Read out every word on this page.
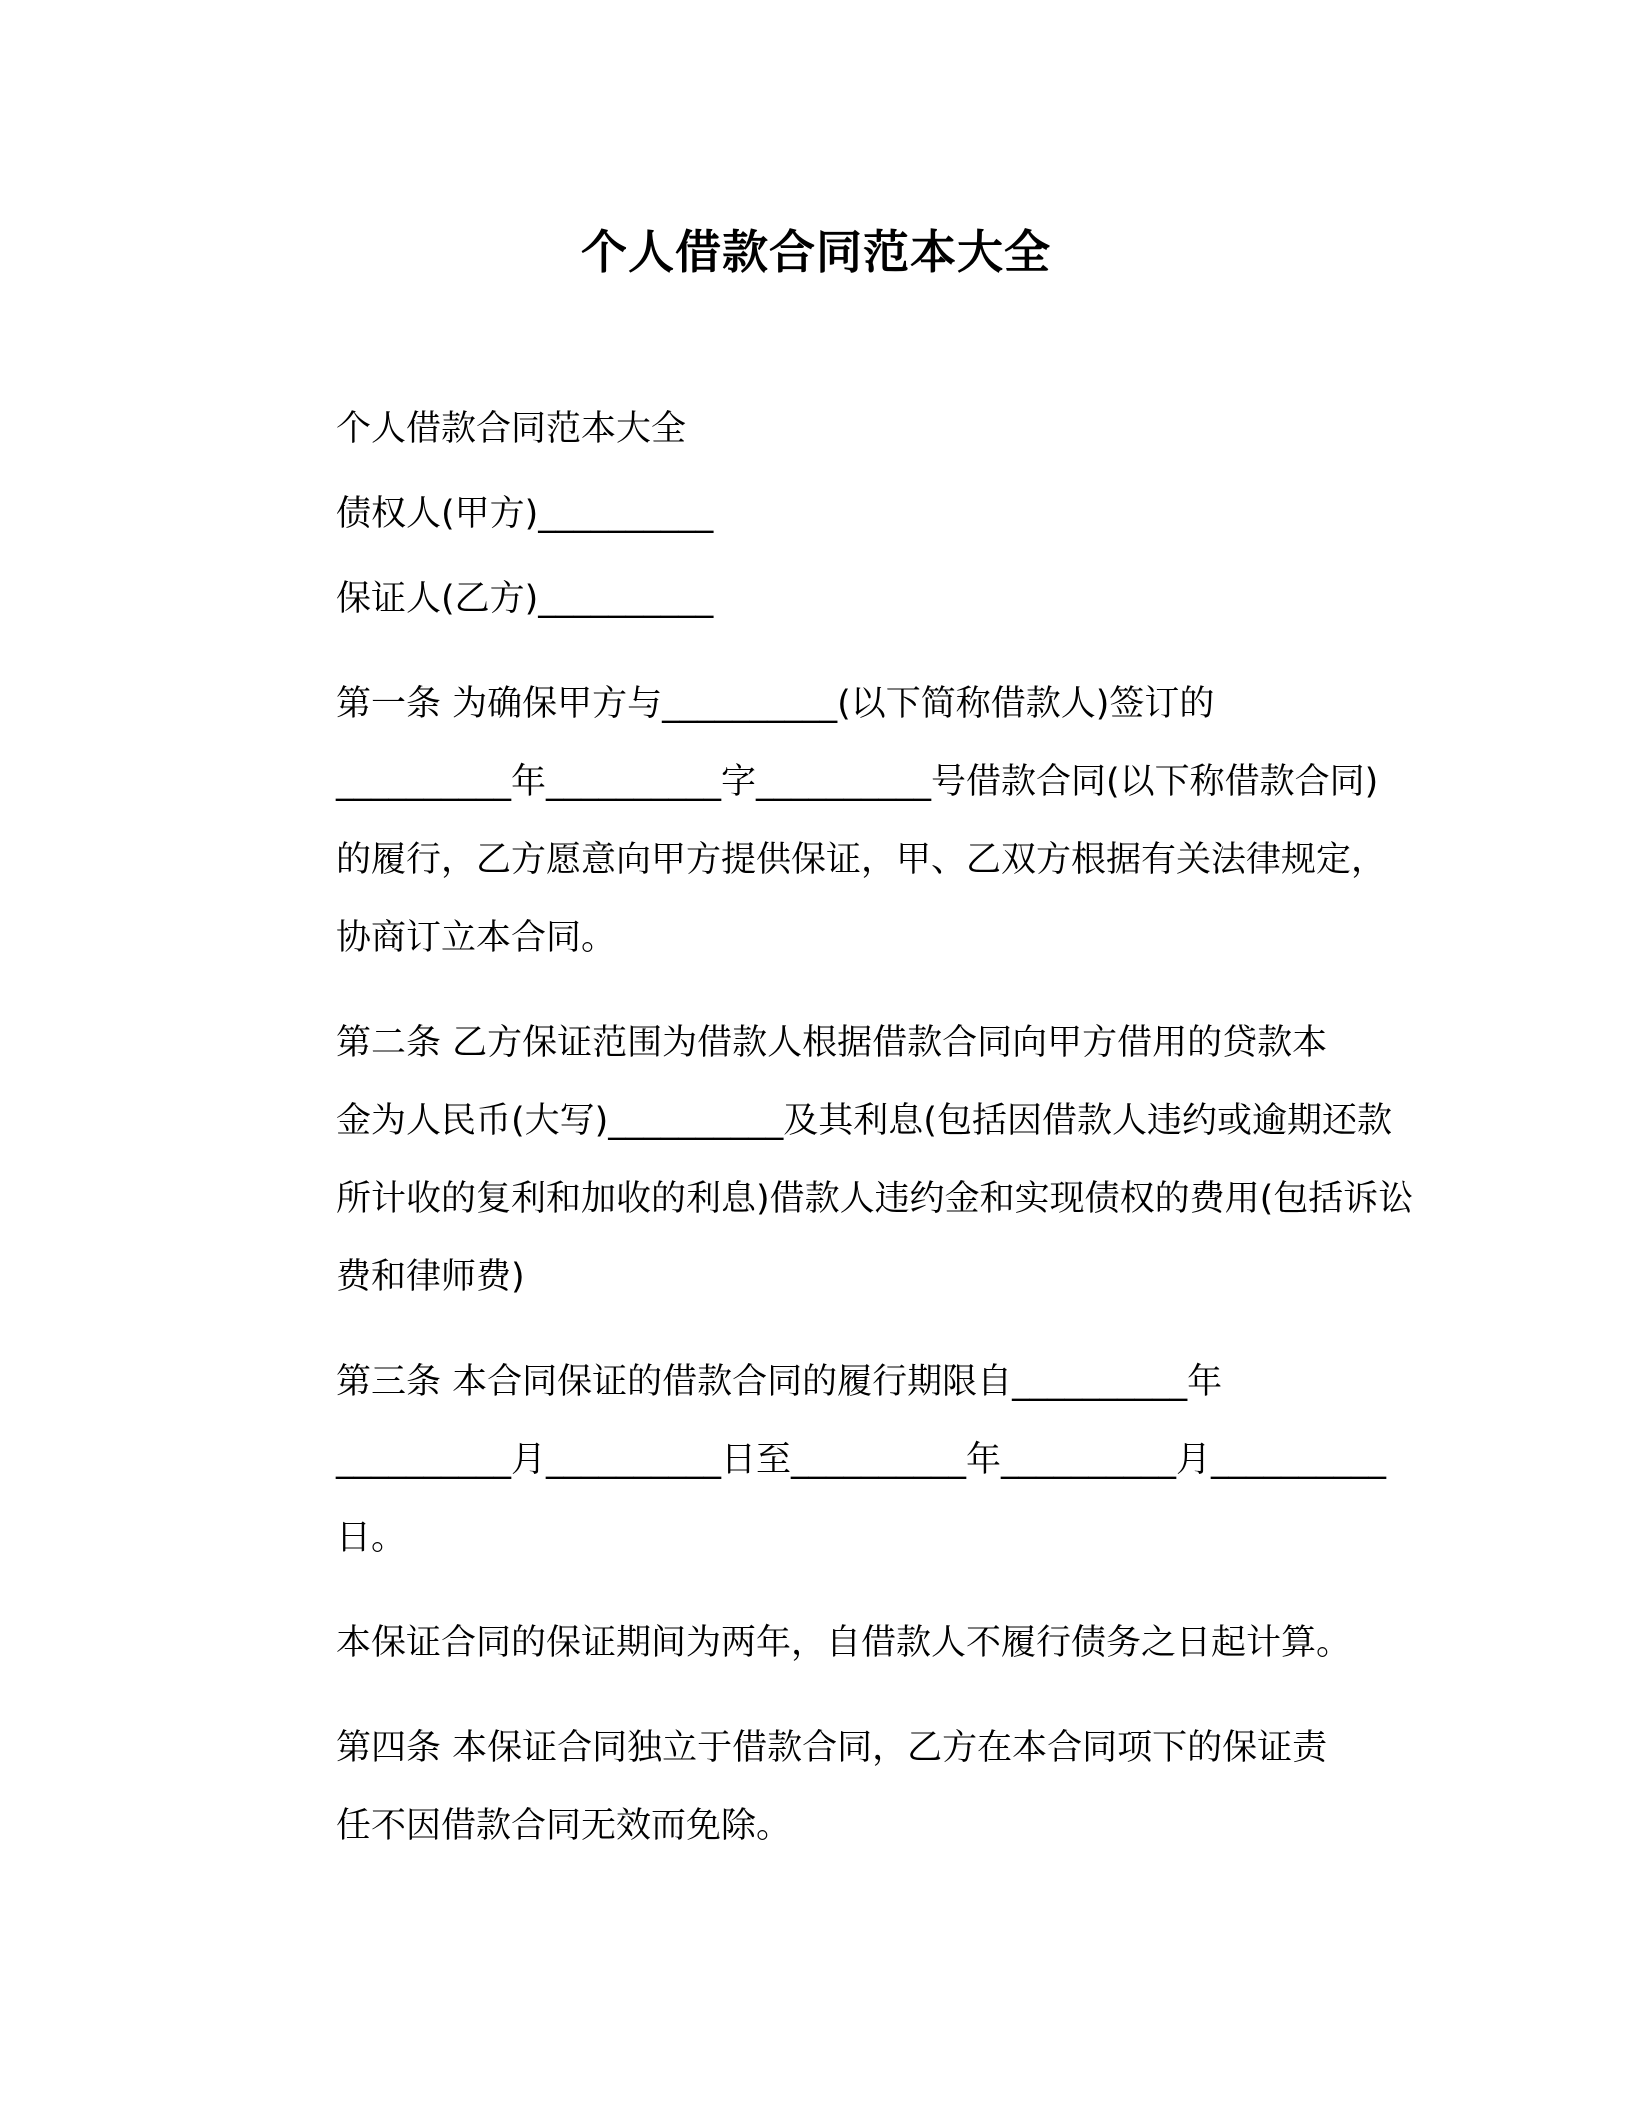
个人借款合同范本大全
个人借款合同范本大全
债权人(甲方)__________
保证人(乙方)__________
第一条 为确保甲方与__________(以下简称借款人)签订的
__________年__________字__________号借款合同(以下称借款合同)
的履行，乙方愿意向甲方提供保证，甲、乙双方根据有关法律规定，
协商订立本合同。
第二条 乙方保证范围为借款人根据借款合同向甲方借用的贷款本
金为人民币(大写)__________及其利息(包括因借款人违约或逾期还款
所计收的复利和加收的利息)借款人违约金和实现债权的费用(包括诉讼
费和律师费)
第三条 本合同保证的借款合同的履行期限自__________年
__________月__________日至__________年__________月__________
日。
本保证合同的保证期间为两年，自借款人不履行债务之日起计算。
第四条 本保证合同独立于借款合同，乙方在本合同项下的保证责
任不因借款合同无效而免除。
